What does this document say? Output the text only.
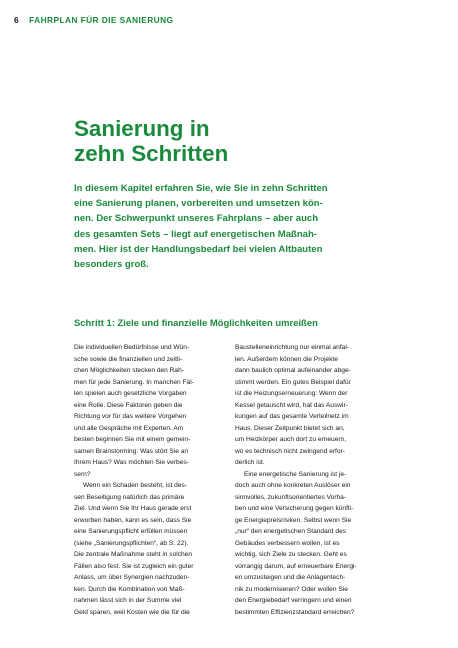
6 FAHRPLAN FÜR DIE SANIERUNG
Sanierung in
zehn Schritten

In diesem Kapitel erfahren Sie, wie Sie in zehn Schritten
eine Sanierung planen, vorbereiten und umsetzen kön-
nen. Der Schwerpunkt unseres Fahrplans – aber auch
des gesamten Sets – liegt auf energetischen Maßnah-
men. Hier ist der Handlungsbedarf bei vielen Altbauten
besonders groß.

Schritt 1: Ziele und finanzielle Möglichkeiten umreißen
Die individuellen Bedürfnisse und Wün-
sche sowie die finanziellen und zeitli-
chen Möglichkeiten stecken den Rah-
men für jede Sanierung. In manchen Fäl-
len spielen auch gesetzliche Vorgaben
eine Rolle. Diese Faktoren geben die
Richtung vor für das weitere Vorgehen
und alle Gespräche mit Experten. Am
besten beginnen Sie mit einem gemein-
samen Brainstorming: Was stört Sie an
Ihrem Haus? Was möchten Sie verbes-
sern?
Wenn ein Schaden besteht, ist des-
sen Beseitigung natürlich das primäre
Ziel. Und wenn Sie Ihr Haus gerade erst
erworben haben, kann es sein, dass Sie
eine Sanierungspflicht erfüllen müssen
(siehe „Sanierungspflichten“, ab S. 22).
Die zentrale Maßnahme steht in solchen
Fällen also fest. Sie ist zugleich ein guter
Anlass, um über Synergien nachzuden-
ken. Durch die Kombination von Maß-
nahmen lässt sich in der Summe viel
Geld sparen, weil Kosten wie die für die
Baustelleneinrichtung nur einmal anfal-
len. Außerdem können die Projekte
dann baulich optimal aufeinander abge-
stimmt werden. Ein gutes Beispiel dafür
ist die Heizungserneuerung: Wenn der
Kessel getauscht wird, hat das Auswir-
kungen auf das gesamte Verteilnetz im
Haus. Dieser Zeitpunkt bietet sich an,
um Heizkörper auch dort zu erneuern,
wo es technisch nicht zwingend erfor-
derlich ist.
Eine energetische Sanierung ist je-
doch auch ohne konkreten Auslöser ein
sinnvolles, zukunftsorientiertes Vorha-
ben und eine Versicherung gegen künfti-
ge Energiepreisrisiken. Selbst wenn Sie
„nur“ den energetischen Standard des
Gebäudes verbessern wollen, ist es
wichtig, sich Ziele zu stecken. Geht es
vorrangig darum, auf erneuerbare Energi-
en umzusteigen und die Anlagentech-
nik zu modernisieren? Oder wollen Sie
den Energiebedarf verringern und einen
bestimmten Effizienzstandard erreichen?
